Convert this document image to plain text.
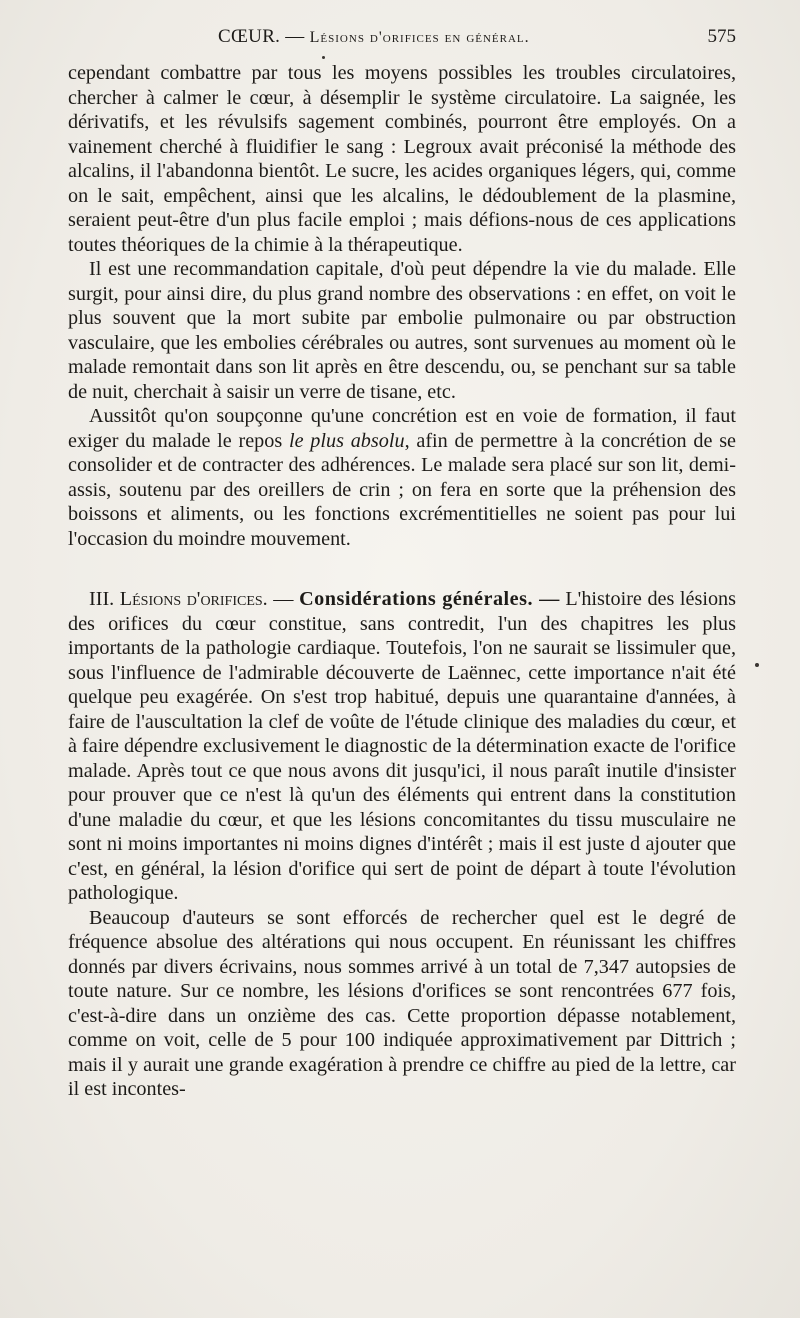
CŒUR. — Lésions d'orifices en général.	575

cependant combattre par tous les moyens possibles les troubles circulatoires, chercher à calmer le cœur, à désemplir le système circulatoire. La saignée, les dérivatifs, et les révulsifs sagement combinés, pourront être employés. On a vainement cherché à fluidifier le sang : Legroux avait préconisé la méthode des alcalins, il l'abandonna bientôt. Le sucre, les acides organiques légers, qui, comme on le sait, empêchent, ainsi que les alcalins, le dédoublement de la plasmine, seraient peut-être d'un plus facile emploi ; mais défions-nous de ces applications toutes théoriques de la chimie à la thérapeutique.

Il est une recommandation capitale, d'où peut dépendre la vie du malade. Elle surgit, pour ainsi dire, du plus grand nombre des observations : en effet, on voit le plus souvent que la mort subite par embolie pulmonaire ou par obstruction vasculaire, que les embolies cérébrales ou autres, sont survenues au moment où le malade remontait dans son lit après en être descendu, ou, se penchant sur sa table de nuit, cherchait à saisir un verre de tisane, etc.

Aussitôt qu'on soupçonne qu'une concrétion est en voie de formation, il faut exiger du malade le repos le plus absolu, afin de permettre à la concrétion de se consolider et de contracter des adhérences. Le malade sera placé sur son lit, demi-assis, soutenu par des oreillers de crin ; on fera en sorte que la préhension des boissons et aliments, ou les fonctions excrémentitielles ne soient pas pour lui l'occasion du moindre mouvement.

III. Lésions d'orifices. — Considérations générales. — L'histoire des lésions des orifices du cœur constitue, sans contredit, l'un des chapitres les plus importants de la pathologie cardiaque. Toutefois, l'on ne saurait se lissimuler que, sous l'influence de l'admirable découverte de Laënnec, cette importance n'ait été quelque peu exagérée. On s'est trop habitué, depuis une quarantaine d'années, à faire de l'auscultation la clef de voûte de l'étude clinique des maladies du cœur, et à faire dépendre exclusivement le diagnostic de la détermination exacte de l'orifice malade. Après tout ce que nous avons dit jusqu'ici, il nous paraît inutile d'insister pour prouver que ce n'est là qu'un des éléments qui entrent dans la constitution d'une maladie du cœur, et que les lésions concomitantes du tissu musculaire ne sont ni moins importantes ni moins dignes d'intérêt ; mais il est juste d ajouter que c'est, en général, la lésion d'orifice qui sert de point de départ à toute l'évolution pathologique.

Beaucoup d'auteurs se sont efforcés de rechercher quel est le degré de fréquence absolue des altérations qui nous occupent. En réunissant les chiffres donnés par divers écrivains, nous sommes arrivé à un total de 7,347 autopsies de toute nature. Sur ce nombre, les lésions d'orifices se sont rencontrées 677 fois, c'est-à-dire dans un onzième des cas. Cette proportion dépasse notablement, comme on voit, celle de 5 pour 100 indiquée approximativement par Dittrich ; mais il y aurait une grande exagération à prendre ce chiffre au pied de la lettre, car il est incontes-
